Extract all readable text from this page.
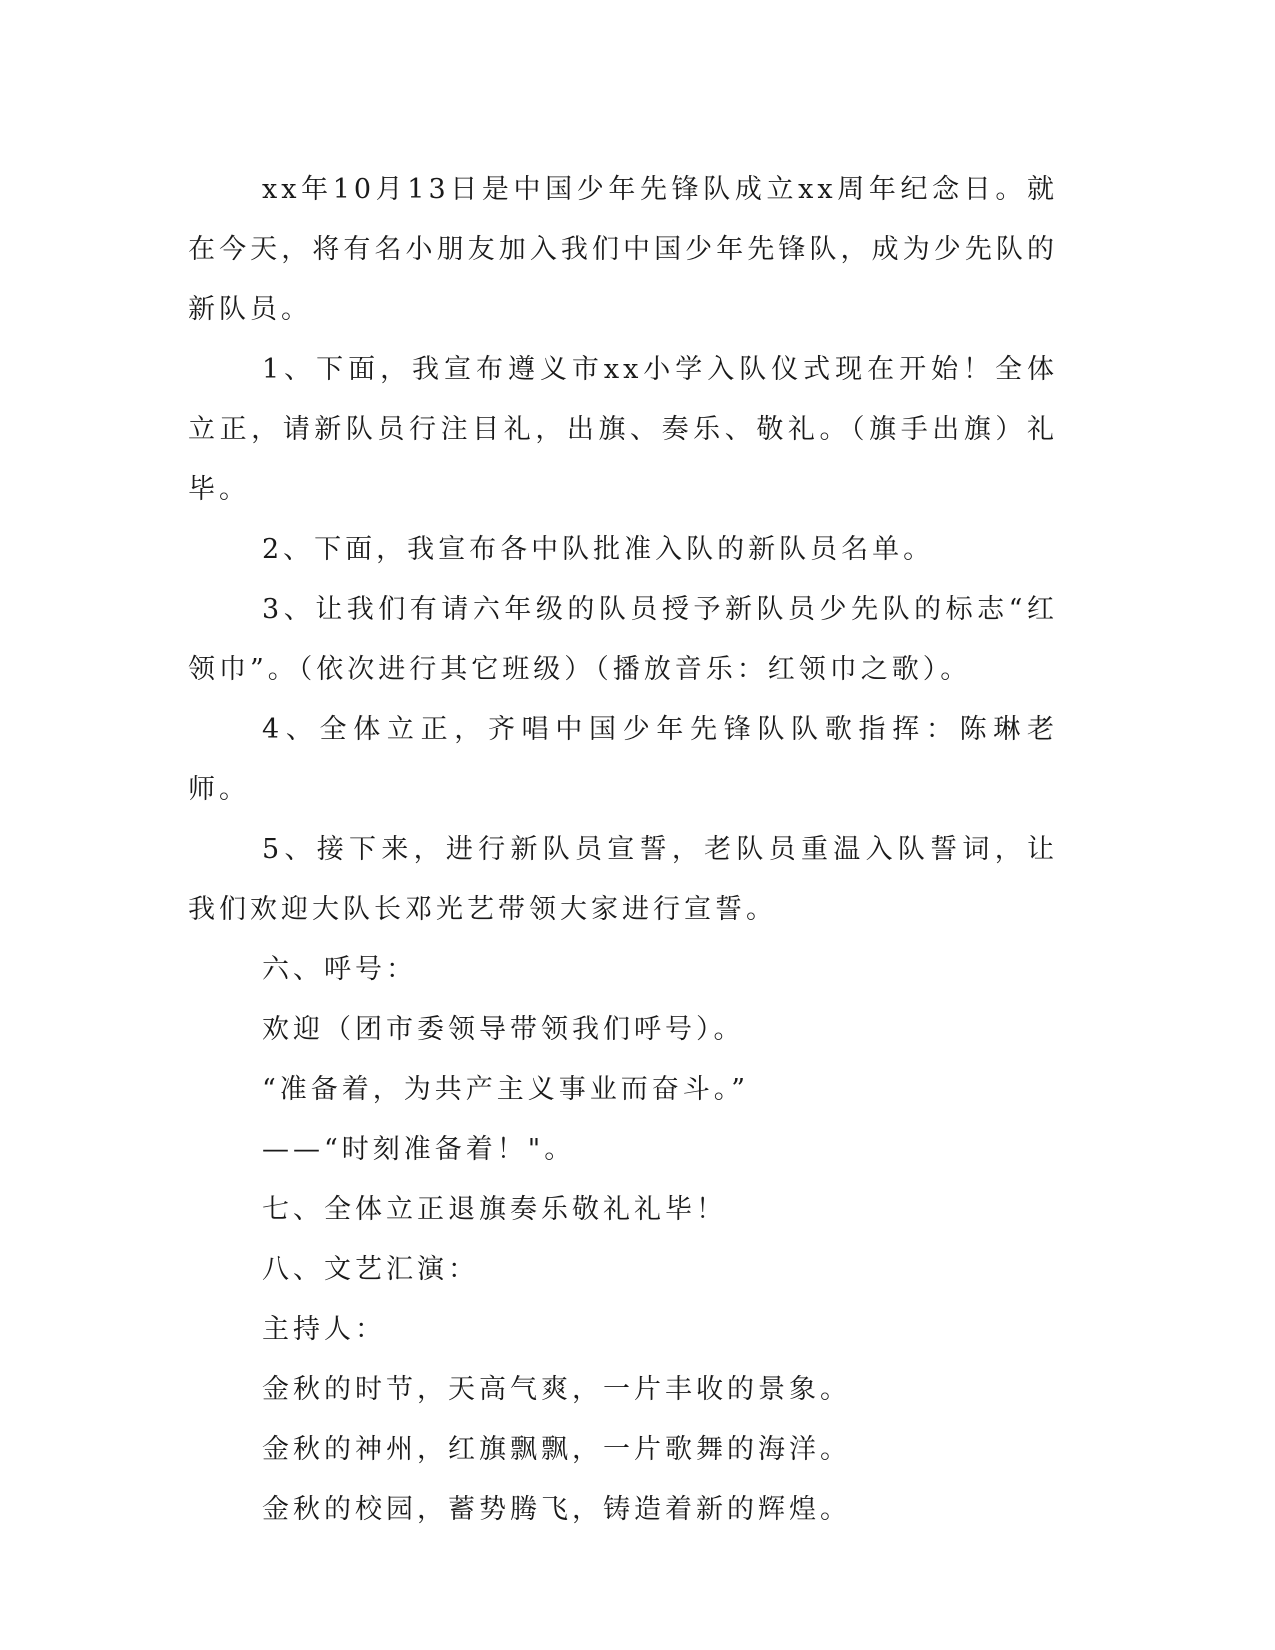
xx年10月13日是中国少年先锋队成立xx周年纪念日。就在今天，将有名小朋友加入我们中国少年先锋队，成为少先队的新队员。

1、下面，我宣布遵义市xx小学入队仪式现在开始！全体立正，请新队员行注目礼，出旗、奏乐、敬礼。（旗手出旗）礼毕。

2、下面，我宣布各中队批准入队的新队员名单。

3、让我们有请六年级的队员授予新队员少先队的标志“红领巾”。（依次进行其它班级）（播放音乐：红领巾之歌）。

4、全体立正，齐唱中国少年先锋队队歌指挥：陈琳老师。

5、接下来，进行新队员宣誓，老队员重温入队誓词，让我们欢迎大队长邓光艺带领大家进行宣誓。

六、呼号：

欢迎（团市委领导带领我们呼号）。

“准备着，为共产主义事业而奋斗。”

——“时刻准备着！"。

七、全体立正退旗奏乐敬礼礼毕！

八、文艺汇演：

主持人：

金秋的时节，天高气爽，一片丰收的景象。

金秋的神州，红旗飘飘，一片歌舞的海洋。

金秋的校园，蓄势腾飞，铸造着新的辉煌。
